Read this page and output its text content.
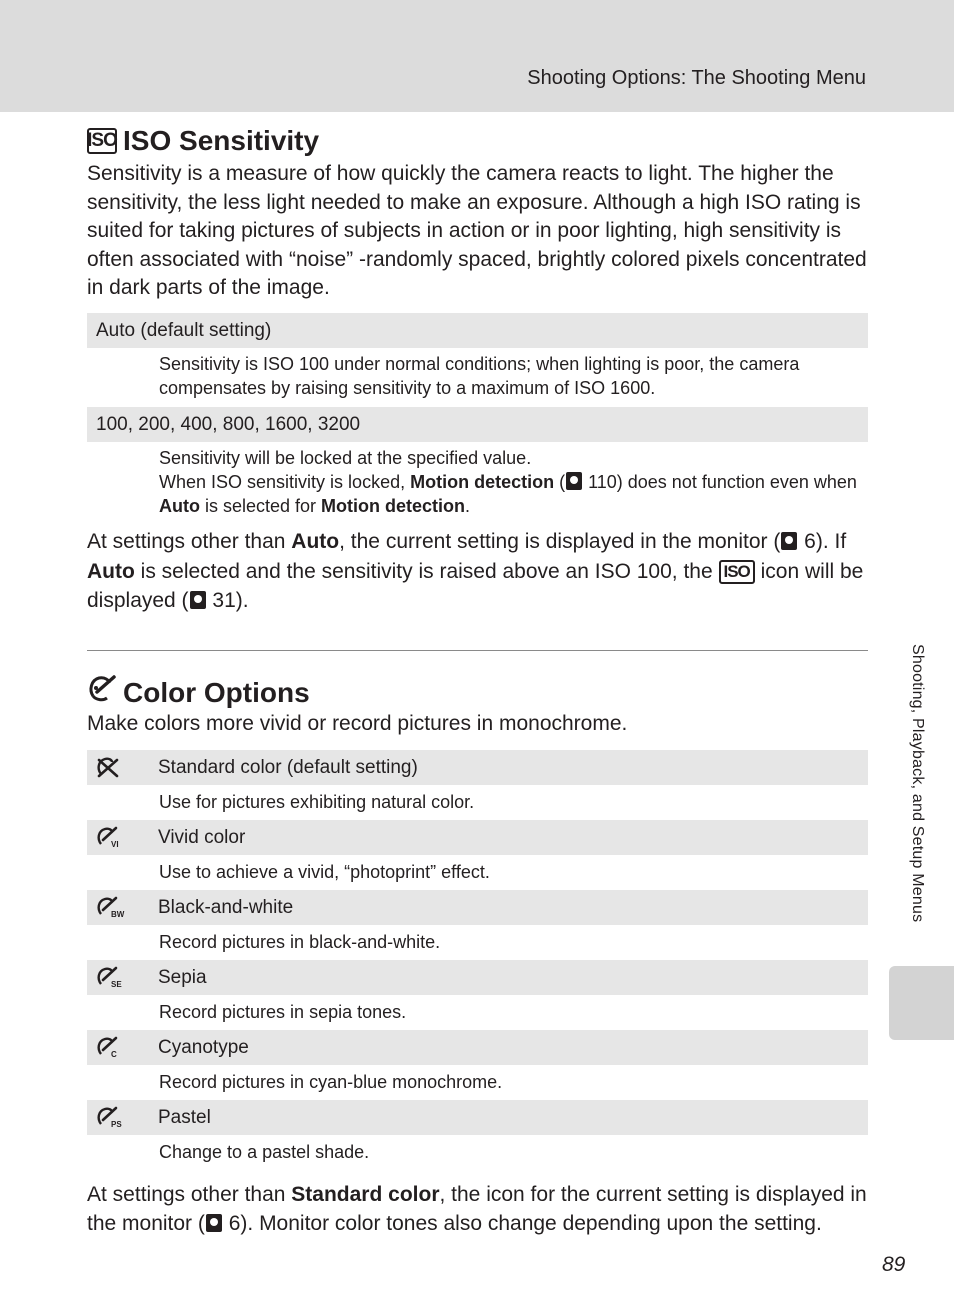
Shooting Options: The Shooting Menu
ISO ISO Sensitivity

Sensitivity is a measure of how quickly the camera reacts to light. The higher the sensitivity, the less light needed to make an exposure. Although a high ISO rating is suited for taking pictures of subjects in action or in poor lighting, high sensitivity is often associated with “noise” -randomly spaced, brightly colored pixels concentrated in dark parts of the image.

Auto (default setting)
Sensitivity is ISO 100 under normal conditions; when lighting is poor, the camera compensates by raising sensitivity to a maximum of ISO 1600.
100, 200, 400, 800, 1600, 3200
Sensitivity will be locked at the specified value.
When ISO sensitivity is locked, Motion detection ( 110) does not function even when Auto is selected for Motion detection.

At settings other than Auto, the current setting is displayed in the monitor ( 6). If Auto is selected and the sensitivity is raised above an ISO 100, the ISO icon will be displayed ( 31).

Color Options

Make colors more vivid or record pictures in monochrome.

Standard color (default setting)
Use for pictures exhibiting natural color.
VI Vivid color
Use to achieve a vivid, “photoprint” effect.
BW Black-and-white
Record pictures in black-and-white.
SE Sepia
Record pictures in sepia tones.
C Cyanotype
Record pictures in cyan-blue monochrome.
PS Pastel
Change to a pastel shade.

At settings other than Standard color, the icon for the current setting is displayed in the monitor ( 6). Monitor color tones also change depending upon the setting.

Shooting, Playback, and Setup Menus
89
